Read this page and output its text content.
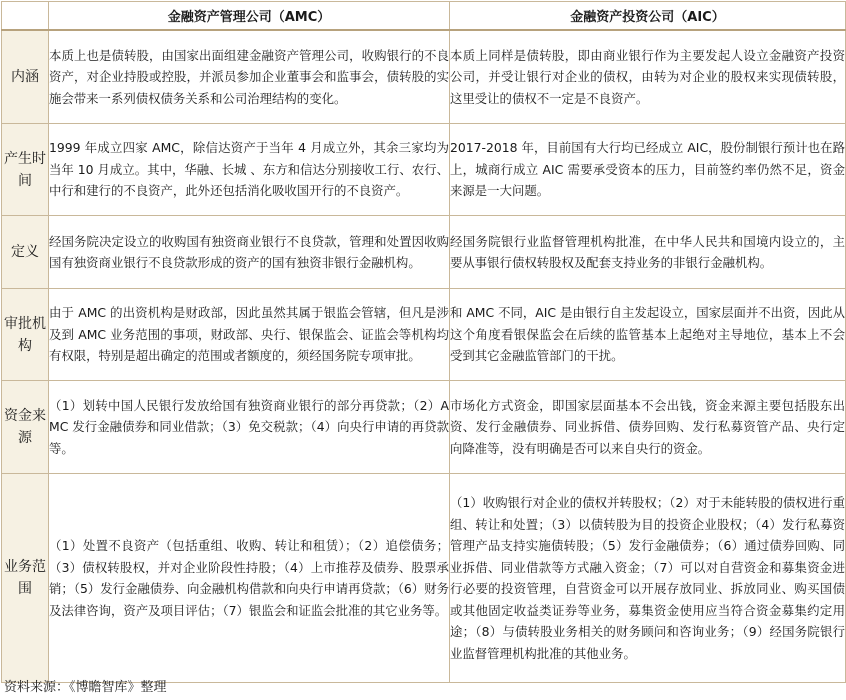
	金融资产管理公司（AMC）	金融资产投资公司（AIC）
内涵	本质上也是债转股，由国家出面组建金融资产管理公司，收购银行的不良资产，对企业持股或控股，并派员参加企业董事会和监事会，债转股的实施会带来一系列债权债务关系和公司治理结构的变化。	本质上同样是债转股，即由商业银行作为主要发起人设立金融资产投资公司，并受让银行对企业的债权，由转为对企业的股权来实现债转股，这里受让的债权不一定是不良资产。
产生时间	1999 年成立四家 AMC，除信达资产于当年 4 月成立外，其余三家均为当年 10 月成立。其中，华融、长城 、东方和信达分别接收工行、农行、中行和建行的不良资产，此外还包括消化吸收国开行的不良资产。	2017-2018 年，目前国有大行均已经成立 AIC，股份制银行预计也在路上，城商行成立 AIC 需要承受资本的压力，目前签约率仍然不足，资金来源是一大问题。
定义	经国务院决定设立的收购国有独资商业银行不良贷款，管理和处置因收购国有独资商业银行不良贷款形成的资产的国有独资非银行金融机构。	经国务院银行业监督管理机构批准，在中华人民共和国境内设立的，主要从事银行债权转股权及配套支持业务的非银行金融机构。
审批机构	由于 AMC 的出资机构是财政部，因此虽然其属于银监会管辖，但凡是涉及到 AMC 业务范围的事项，财政部、央行、银保监会、证监会等机构均有权限，特别是超出确定的范围或者额度的，须经国务院专项审批。	和 AMC 不同，AIC 是由银行自主发起设立，国家层面并不出资，因此从这个角度看银保监会在后续的监管基本上起绝对主导地位，基本上不会受到其它金融监管部门的干扰。
资金来源	（1）划转中国人民银行发放给国有独资商业银行的部分再贷款；（2）AMC 发行金融债券和同业借款；（3）免交税款；（4）向央行申请的再贷款等。	市场化方式资金，即国家层面基本不会出钱，资金来源主要包括股东出资、发行金融债券、同业拆借、债券回购、发行私募资管产品、央行定向降准等，没有明确是否可以来自央行的资金。
业务范围	（1）处置不良资产（包括重组、收购、转让和租赁）；（2）追偿债务；（3）债权转股权，并对企业阶段性持股；（4）上市推荐及债券、股票承销；（5）发行金融债券、向金融机构借款和向央行申请再贷款；（6）财务及法律咨询，资产及项目评估；（7）银监会和证监会批准的其它业务等。	（1）收购银行对企业的债权并转股权；（2）对于未能转股的债权进行重组、转让和处置；（3）以债转股为目的投资企业股权；（4）发行私募资管理产品支持实施债转股；（5）发行金融债券；（6）通过债券回购、同业拆借、同业借款等方式融入资金；（7）可以对自营资金和募集资金进行必要的投资管理，自营资金可以开展存放同业、拆放同业、购买国债或其他固定收益类证券等业务，募集资金使用应当符合资金募集约定用途；（8）与债转股业务相关的财务顾问和咨询业务；（9）经国务院银行业监督管理机构批准的其他业务。
资料来源：《博瞻智库》整理
